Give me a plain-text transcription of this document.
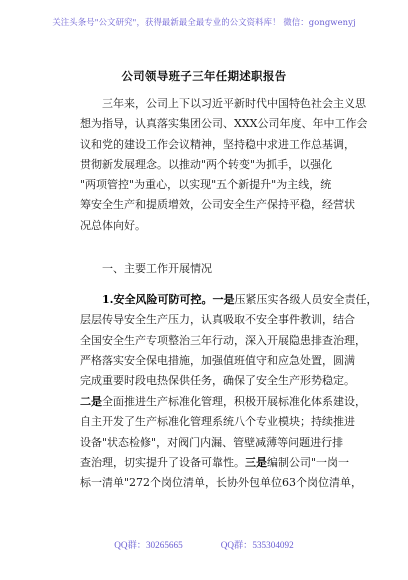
关注头条号"公文研究"，获得最新最全最专业的公文资料库！ 微信：gongwenyj
公司领导班子三年任期述职报告
三年来，公司上下以习近平新时代中国特色社会主义思
想为指导，认真落实集团公司、XXX公司年度、年中工作会
议和党的建设工作会议精神，坚持稳中求进工作总基调，
贯彻新发展理念。以推动"两个转变"为抓手，以强化
"两项管控"为重心，以实现"五个新提升"为主线，统
筹安全生产和提质增效，公司安全生产保持平稳，经营状
况总体向好。
一、主要工作开展情况
1.安全风险可防可控。一是压紧压实各级人员安全责任，
层层传导安全生产压力，认真吸取不安全事件教训，结合
全国安全生产专项整治三年行动，深入开展隐患排查治理，
严格落实安全保电措施，加强值班值守和应急处置，圆满
完成重要时段电热保供任务，确保了安全生产形势稳定。
二是全面推进生产标准化管理，积极开展标准化体系建设，
自主开发了生产标准化管理系统八个专业模块；持续推进
设备"状态检修"，对阀门内漏、管壁减薄等问题进行排
查治理，切实提升了设备可靠性。三是编制公司"一岗一
标一清单"272个岗位清单，长协外包单位63个岗位清单，
QQ群：30265665	QQ群：535304092
